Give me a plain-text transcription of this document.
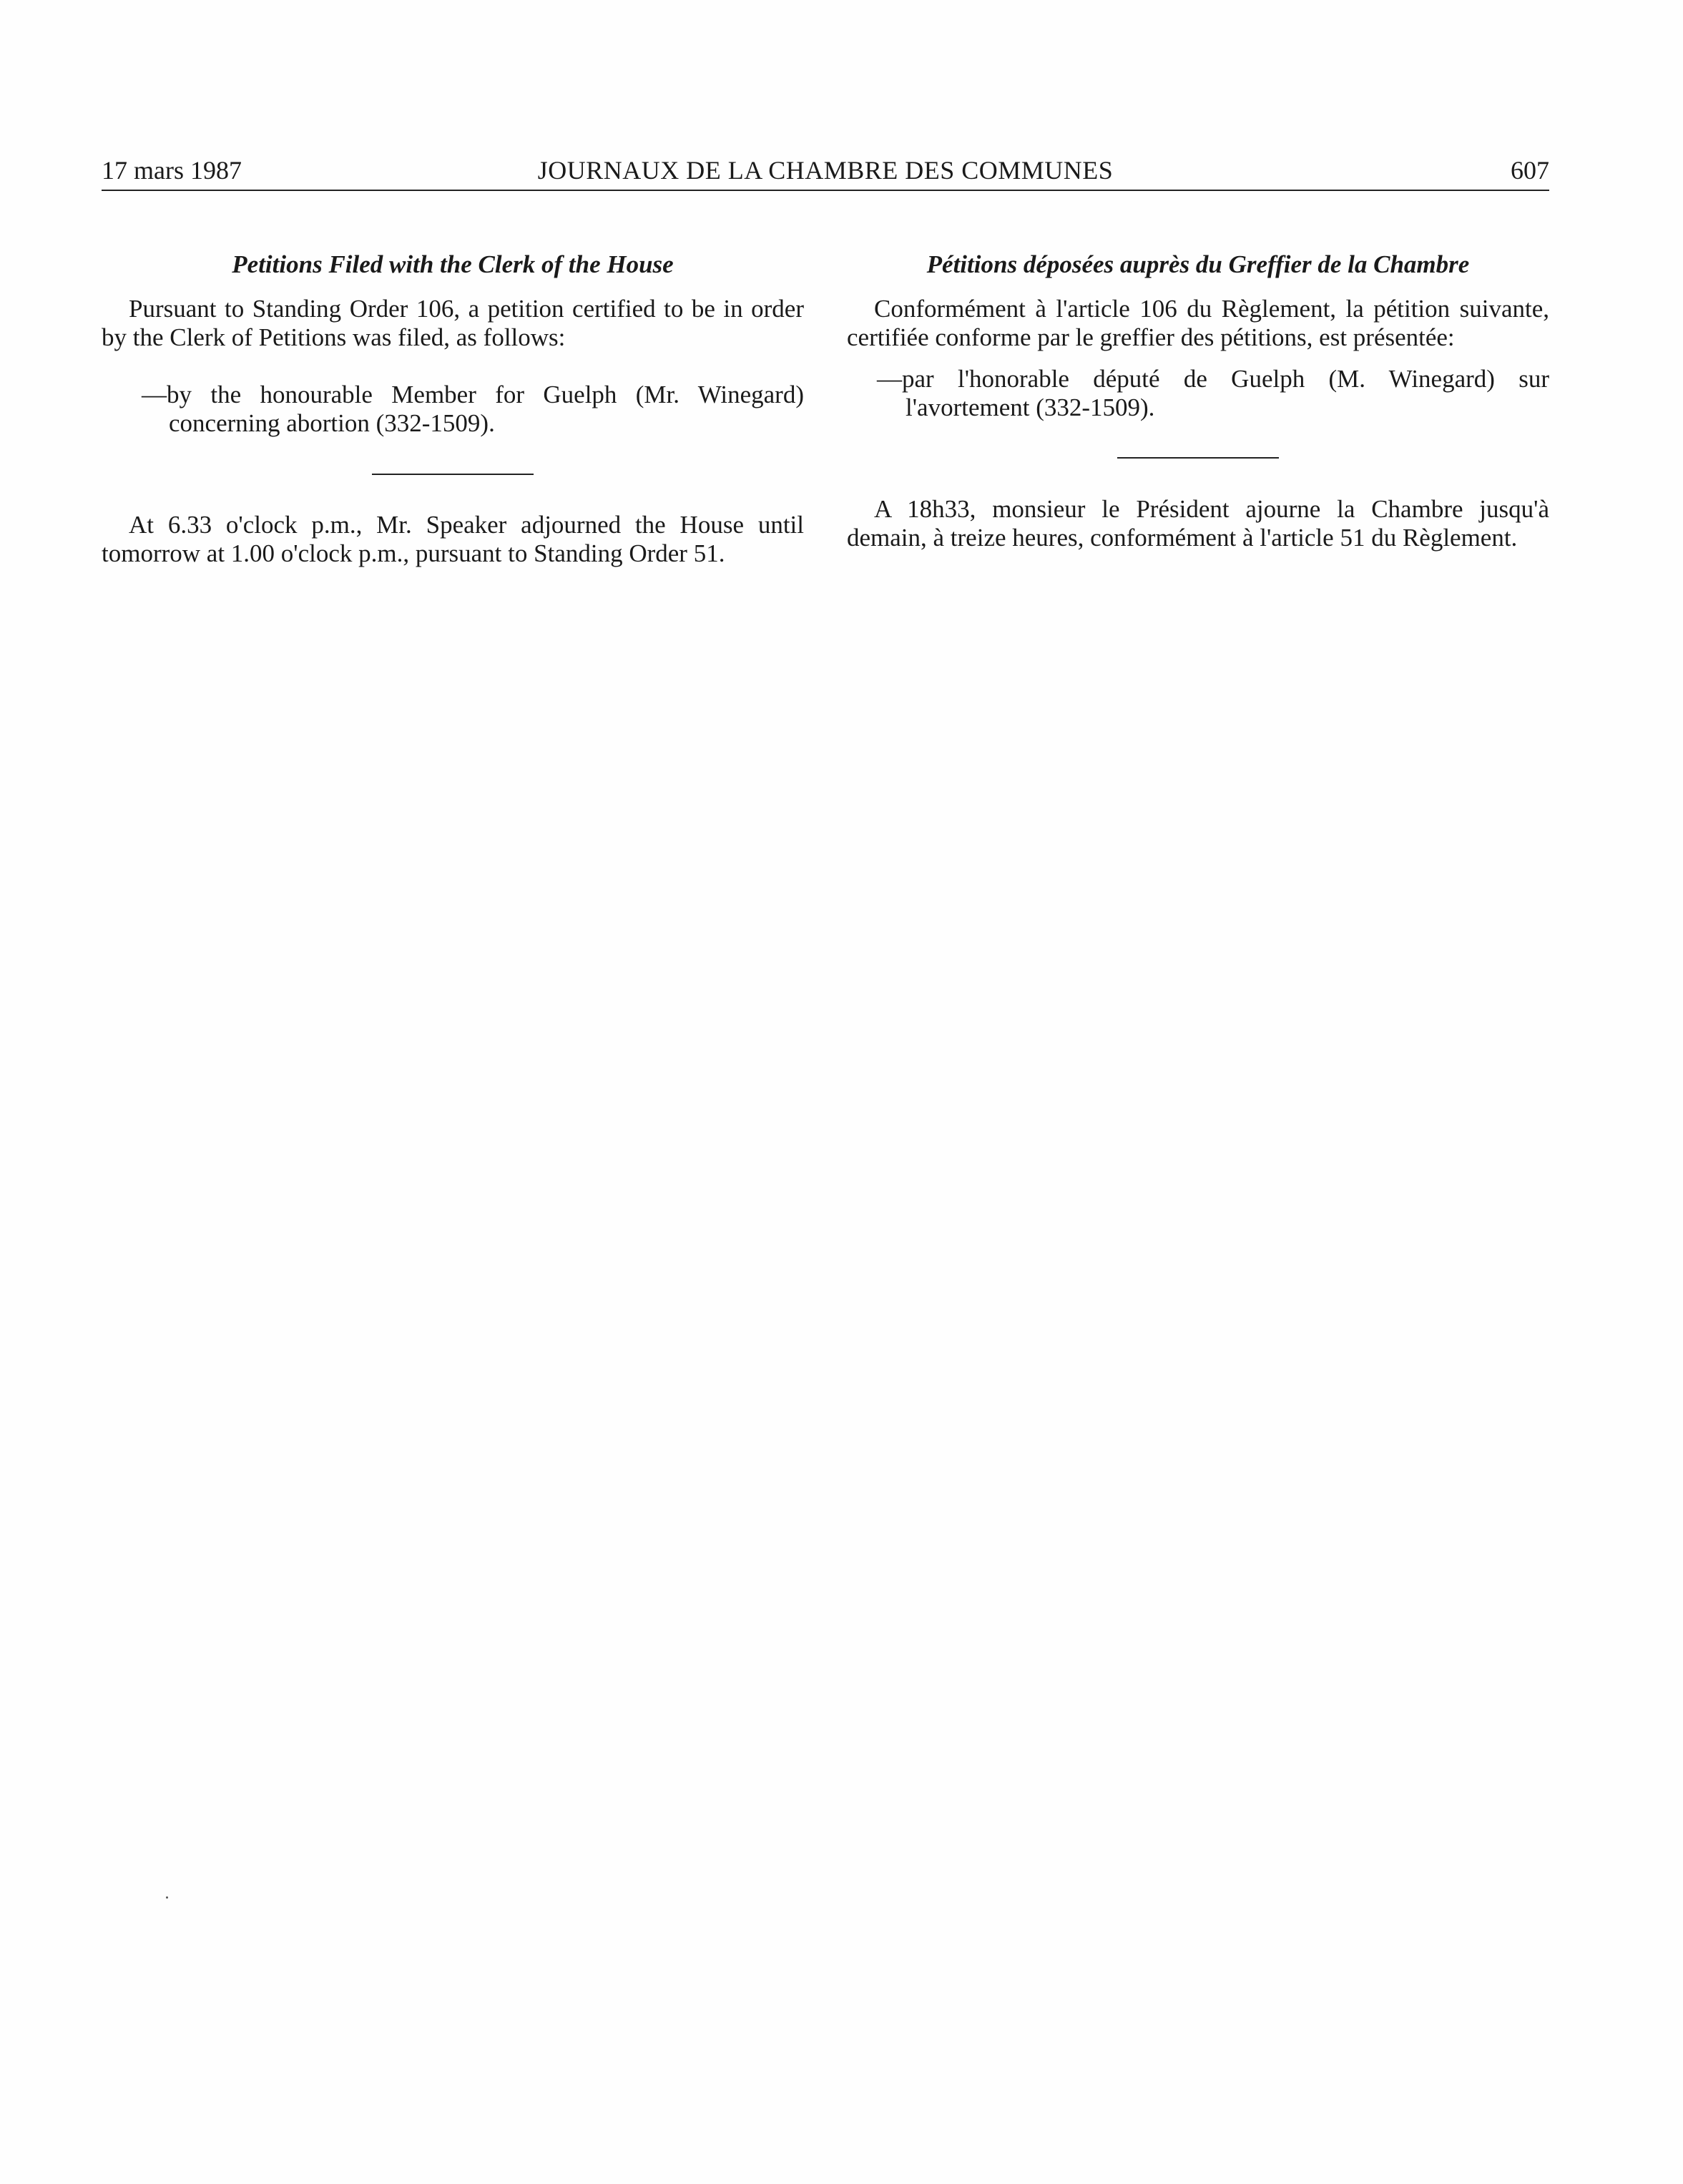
17 mars 1987	JOURNAUX DE LA CHAMBRE DES COMMUNES	607
Petitions Filed with the Clerk of the House

Pursuant to Standing Order 106, a petition certified to be in order by the Clerk of Petitions was filed, as follows:

—by the honourable Member for Guelph (Mr. Winegard) concerning abortion (332-1509).

At 6.33 o'clock p.m., Mr. Speaker adjourned the House until tomorrow at 1.00 o'clock p.m., pursuant to Standing Order 51.

Pétitions déposées auprès du Greffier de la Chambre

Conformément à l'article 106 du Règlement, la pétition suivante, certifiée conforme par le greffier des pétitions, est présentée:

—par l'honorable député de Guelph (M. Winegard) sur l'avortement (332-1509).

A 18h33, monsieur le Président ajourne la Chambre jusqu'à demain, à treize heures, conformément à l'article 51 du Règlement.
